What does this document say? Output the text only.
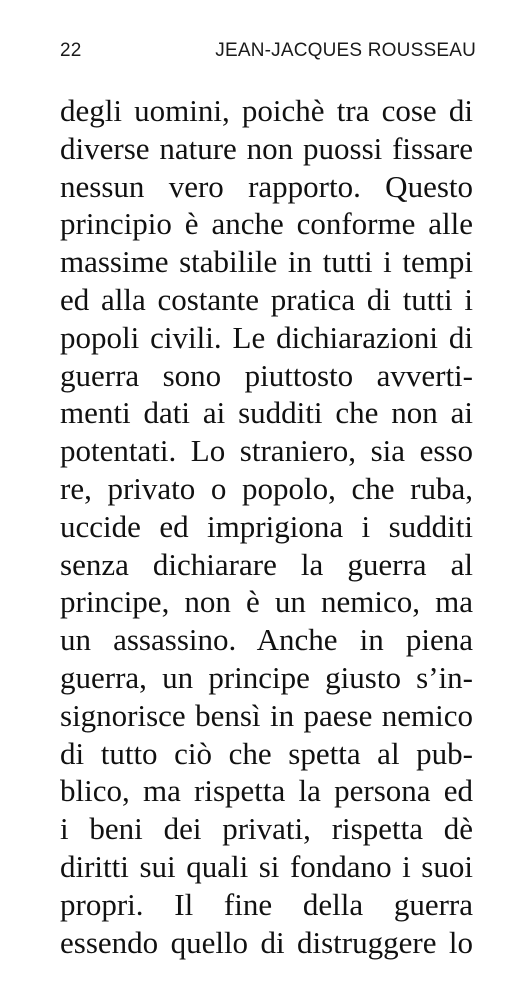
22	JEAN-JACQUES ROUSSEAU
degli uomini, poichè tra cose di
diverse nature non puossi fissare
nessun vero rapporto. Questo
principio è anche conforme alle
massime stabilile in tutti i tempi
ed alla costante pratica di tutti i
popoli civili. Le dichiarazioni di
guerra sono piuttosto avverti-
menti dati ai sudditi che non ai
potentati. Lo straniero, sia esso
re, privato o popolo, che ruba,
uccide ed imprigiona i sudditi
senza dichiarare la guerra al
principe, non è un nemico, ma
un assassino. Anche in piena
guerra, un principe giusto s’in-
signorisce bensì in paese nemico
di tutto ciò che spetta al pub-
blico, ma rispetta la persona ed
i beni dei privati, rispetta dè
diritti sui quali si fondano i suoi
propri. Il fine della guerra
essendo quello di distruggere lo
